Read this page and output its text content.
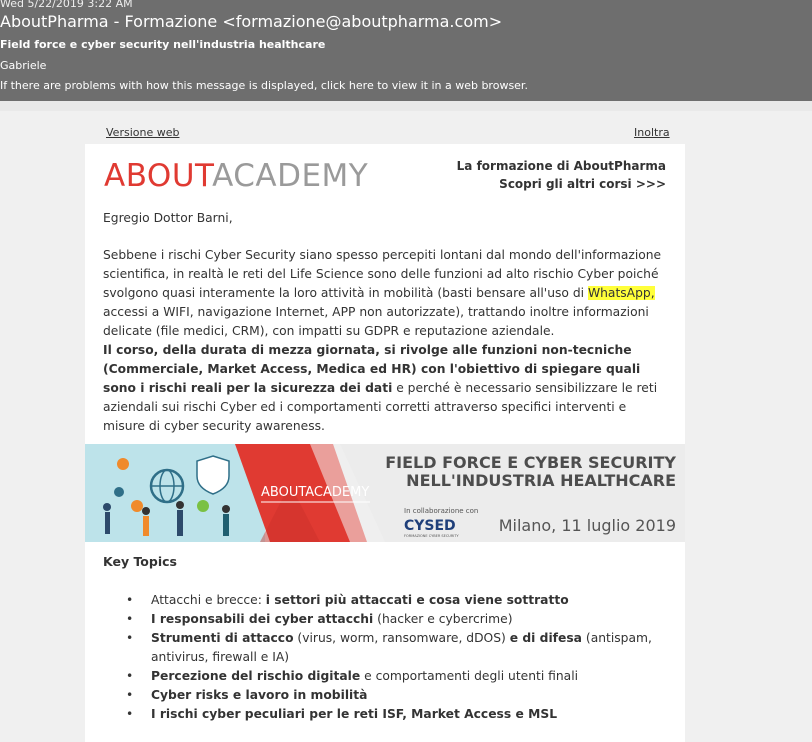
Wed 5/22/2019 3:22 AM
AboutPharma - Formazione <formazione@aboutpharma.com>
Field force e cyber security nell'industria healthcare
Gabriele
If there are problems with how this message is displayed, click here to view it in a web browser.
Versione web	Inoltra
ABOUTACADEMY	La formazione di AboutPharma
Scopri gli altri corsi >>>
Egregio Dottor Barni,
Sebbene i rischi Cyber Security siano spesso percepiti lontani dal mondo dell'informazione scientifica, in realtà le reti del Life Science sono delle funzioni ad alto rischio Cyber poiché svolgono quasi interamente la loro attività in mobilità (basti bensare all'uso di WhatsApp, accessi a WIFI, navigazione Internet, APP non autorizzate), trattando inoltre informazioni delicate (file medici, CRM), con impatti su GDPR e reputazione aziendale.
Il corso, della durata di mezza giornata, si rivolge alle funzioni non-tecniche (Commerciale, Market Access, Medica ed HR) con l'obiettivo di spiegare quali sono i rischi reali per la sicurezza dei dati e perché è necessario sensibilizzare le reti aziendali sui rischi Cyber ed i comportamenti corretti attraverso specifici interventi e misure di cyber security awareness.
ABOUTACADEMY
FIELD FORCE E CYBER SECURITY
NELL'INDUSTRIA HEALTHCARE
In collaborazione con
CYSED
FORMAZIONE CYBER SECURITY
Milano, 11 luglio 2019
Key Topics
• Attacchi e brecce: i settori più attaccati e cosa viene sottratto
• I responsabili dei cyber attacchi (hacker e cybercrime)
• Strumenti di attacco (virus, worm, ransomware, dDOS) e di difesa (antispam, antivirus, firewall e IA)
• Percezione del rischio digitale e comportamenti degli utenti finali
• Cyber risks e lavoro in mobilità
• I rischi cyber peculiari per le reti ISF, Market Access e MSL
